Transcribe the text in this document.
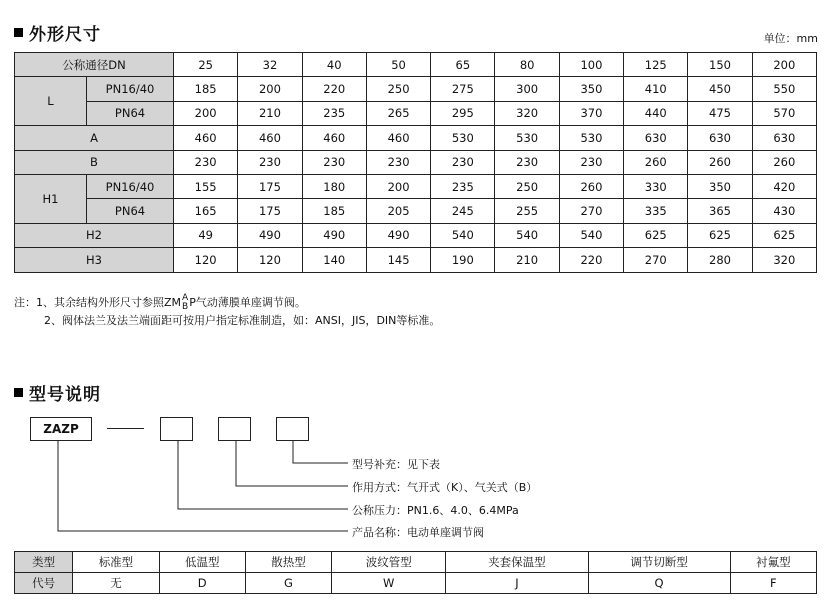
外形尺寸	单位：mm
公称通径DN		25	32	40	50	65	80	100	125	150	200
L	PN16/40	185	200	220	250	275	300	350	410	450	550
	PN64	200	210	235	265	295	320	370	440	475	570
A		460	460	460	460	530	530	530	630	630	630
B		230	230	230	230	230	230	230	260	260	260
H1	PN16/40	155	175	180	200	235	250	260	330	350	420
	PN64	165	175	185	205	245	255	270	335	365	430
H2		49	490	490	490	540	540	540	625	625	625
H3		120	120	140	145	190	210	220	270	280	320
注：1、其余结构外形尺寸参照ZM A
B P气动薄膜单座调节阀。
2、阀体法兰及法兰端面距可按用户指定标准制造，如：ANSI，JIS，DIN等标准。
型号说明
ZAZP
型号补充：见下表
作用方式：气开式（K）、气关式（B）
公称压力：PN1.6、4.0、6.4MPa
产品名称：电动单座调节阀
类型	标准型	低温型	散热型	波纹管型	夹套保温型	调节切断型	衬氟型
代号	无	D	G	W	J	Q	F
